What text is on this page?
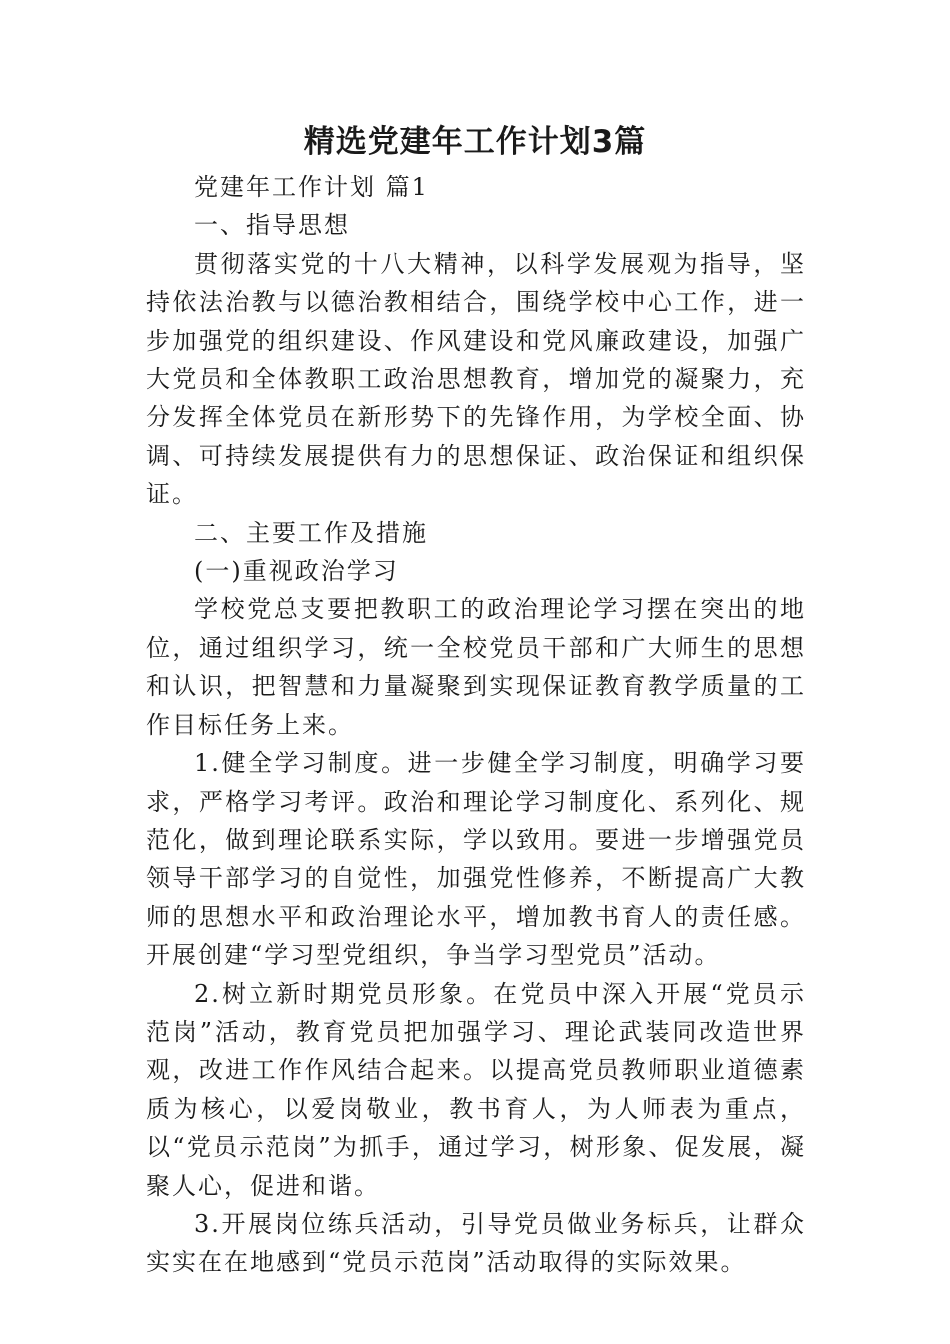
精选党建年工作计划3篇

党建年工作计划 篇1

一、指导思想

贯彻落实党的十八大精神，以科学发展观为指导，坚持依法治教与以德治教相结合，围绕学校中心工作，进一步加强党的组织建设、作风建设和党风廉政建设，加强广大党员和全体教职工政治思想教育，增加党的凝聚力，充分发挥全体党员在新形势下的先锋作用，为学校全面、协调、可持续发展提供有力的思想保证、政治保证和组织保证。

二、主要工作及措施

(一)重视政治学习

学校党总支要把教职工的政治理论学习摆在突出的地位，通过组织学习，统一全校党员干部和广大师生的思想和认识，把智慧和力量凝聚到实现保证教育教学质量的工作目标任务上来。

1.健全学习制度。进一步健全学习制度，明确学习要求，严格学习考评。政治和理论学习制度化、系列化、规范化，做到理论联系实际，学以致用。要进一步增强党员领导干部学习的自觉性，加强党性修养，不断提高广大教师的思想水平和政治理论水平，增加教书育人的责任感。开展创建“学习型党组织，争当学习型党员”活动。

2.树立新时期党员形象。在党员中深入开展“党员示范岗”活动，教育党员把加强学习、理论武装同改造世界观，改进工作作风结合起来。以提高党员教师职业道德素质为核心，以爱岗敬业，教书育人，为人师表为重点，以“党员示范岗”为抓手，通过学习，树形象、促发展，凝聚人心，促进和谐。

3.开展岗位练兵活动，引导党员做业务标兵，让群众实实在在地感到“党员示范岗”活动取得的实际效果。
